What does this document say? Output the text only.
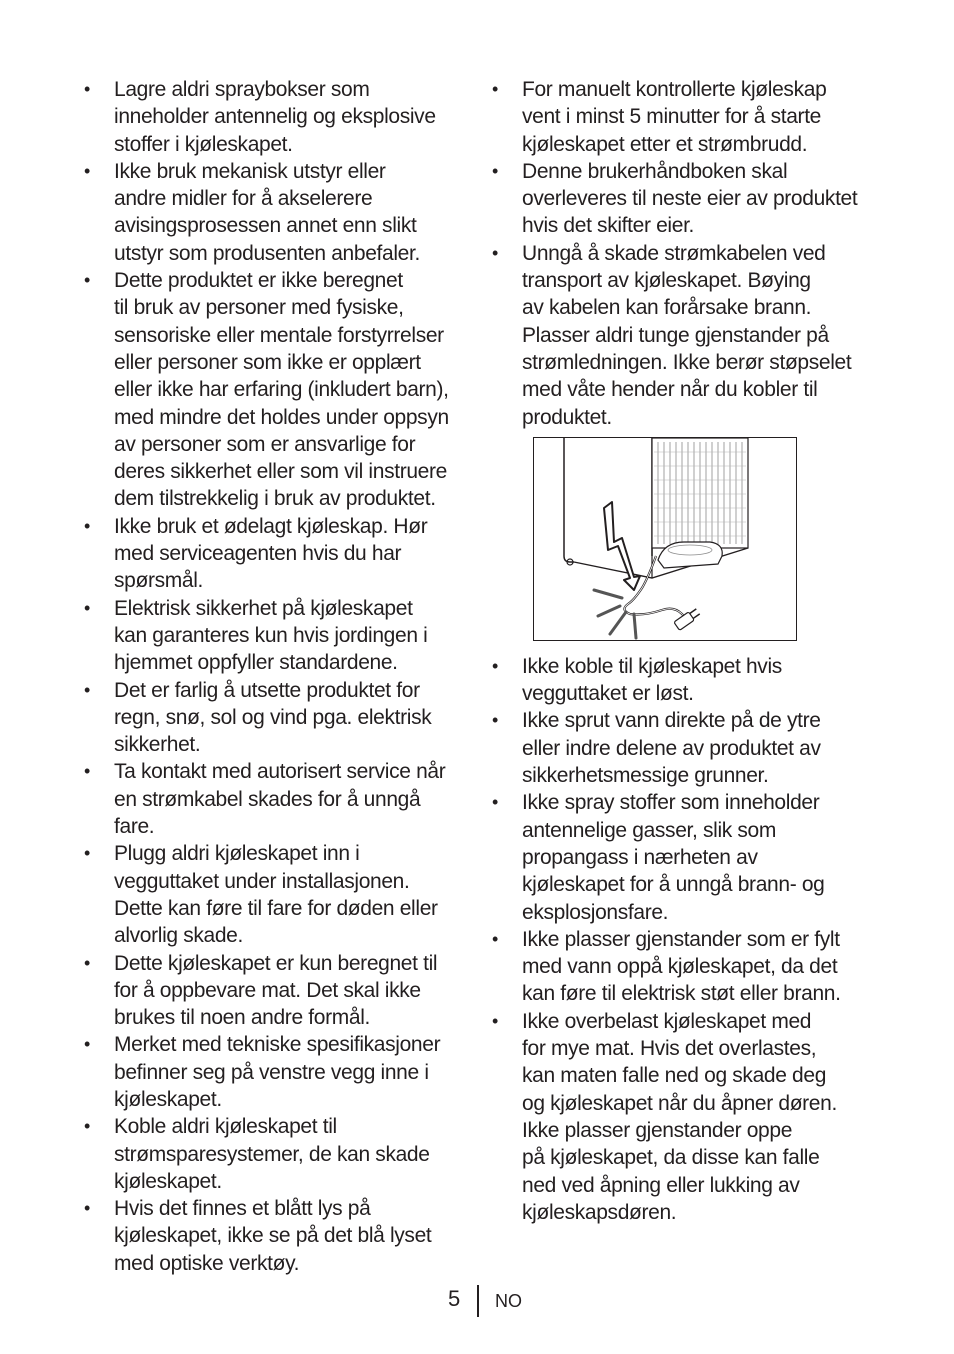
• Lagre aldri spraybokser som
inneholder antennelig og eksplosive
stoffer i kjøleskapet.
• Ikke bruk mekanisk utstyr eller
andre midler for å akselerere
avisingsprosessen annet enn slikt
utstyr som produsenten anbefaler.
• Dette produktet er ikke beregnet
til bruk av personer med fysiske,
sensoriske eller mentale forstyrrelser
eller personer som ikke er opplært
eller ikke har erfaring (inkludert barn),
med mindre det holdes under oppsyn
av personer som er ansvarlige for
deres sikkerhet eller som vil instruere
dem tilstrekkelig i bruk av produktet.
• Ikke bruk et ødelagt kjøleskap. Hør
med serviceagenten hvis du har
spørsmål.
• Elektrisk sikkerhet på kjøleskapet
kan garanteres kun hvis jordingen i
hjemmet oppfyller standardene.
• Det er farlig å utsette produktet for
regn, snø, sol og vind pga. elektrisk
sikkerhet.
• Ta kontakt med autorisert service når
en strømkabel skades for å unngå
fare.
• Plugg aldri kjøleskapet inn i
vegguttaket under installasjonen.
Dette kan føre til fare for døden eller
alvorlig skade.
• Dette kjøleskapet er kun beregnet til
for å oppbevare mat. Det skal ikke
brukes til noen andre formål.
• Merket med tekniske spesifikasjoner
befinner seg på venstre vegg inne i
kjøleskapet.
• Koble aldri kjøleskapet til
strømsparesystemer, de kan skade
kjøleskapet.
• Hvis det finnes et blått lys på
kjøleskapet, ikke se på det blå lyset
med optiske verktøy.
• For manuelt kontrollerte kjøleskap
vent i minst 5 minutter for å starte
kjøleskapet etter et strømbrudd.
• Denne brukerhåndboken skal
overleveres til neste eier av produktet
hvis det skifter eier.
• Unngå å skade strømkabelen ved
transport av kjøleskapet. Bøying
av kabelen kan forårsake brann.
Plasser aldri tunge gjenstander på
strømledningen. Ikke berør støpselet
med våte hender når du kobler til
produktet.
• Ikke koble til kjøleskapet hvis
vegguttaket er løst.
• Ikke sprut vann direkte på de ytre
eller indre delene av produktet av
sikkerhetsmessige grunner.
• Ikke spray stoffer som inneholder
antennelige gasser, slik som
propangass i nærheten av
kjøleskapet for å unngå brann- og
eksplosjonsfare.
• Ikke plasser gjenstander som er fylt
med vann oppå kjøleskapet, da det
kan føre til elektrisk støt eller brann.
• Ikke overbelast kjøleskapet med
for mye mat. Hvis det overlastes,
kan maten falle ned og skade deg
og kjøleskapet når du åpner døren.
Ikke plasser gjenstander oppe
på kjøleskapet, da disse kan falle
ned ved åpning eller lukking av
kjøleskapsdøren.
5 NO
